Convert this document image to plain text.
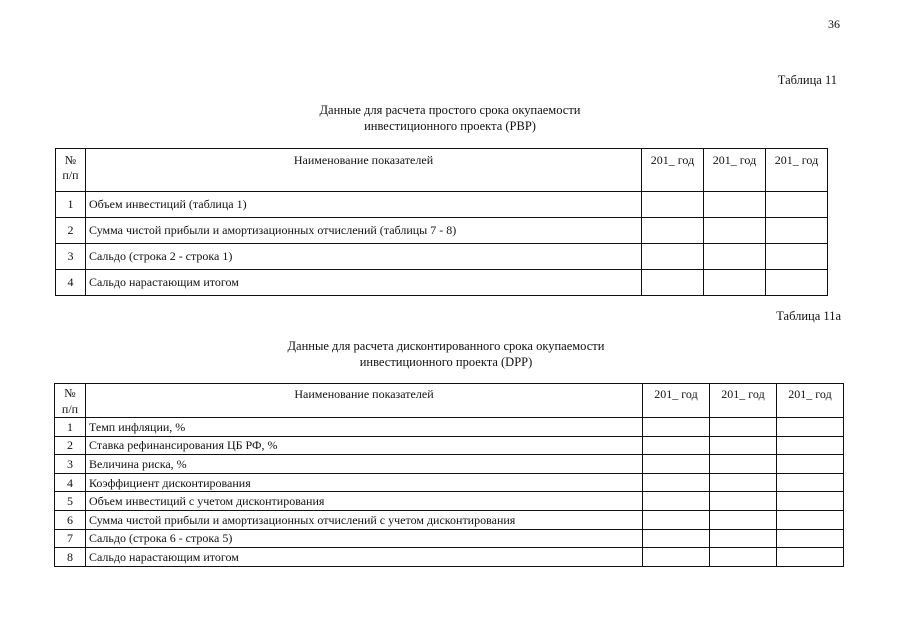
36
Таблица 11
Данные для расчета простого срока окупаемости
инвестиционного проекта (PBP)
№
п/п	Наименование показателей	201_ год	201_ год	201_ год
1	Объем инвестиций (таблица 1)			
2	Сумма чистой прибыли и амортизационных отчислений (таблицы 7 - 8)			
3	Сальдо (строка 2 - строка 1)			
4	Сальдо нарастающим итогом			
Таблица 11а
Данные для расчета дисконтированного срока окупаемости
инвестиционного проекта (DPP)
№
п/п	Наименование показателей	201_ год	201_ год	201_ год
1	Темп инфляции, %			
2	Ставка рефинансирования ЦБ РФ, %			
3	Величина риска, %			
4	Коэффициент дисконтирования			
5	Объем инвестиций с учетом дисконтирования			
6	Сумма чистой прибыли и амортизационных отчислений с учетом дисконтирования			
7	Сальдо (строка 6 - строка 5)			
8	Сальдо нарастающим итогом			
